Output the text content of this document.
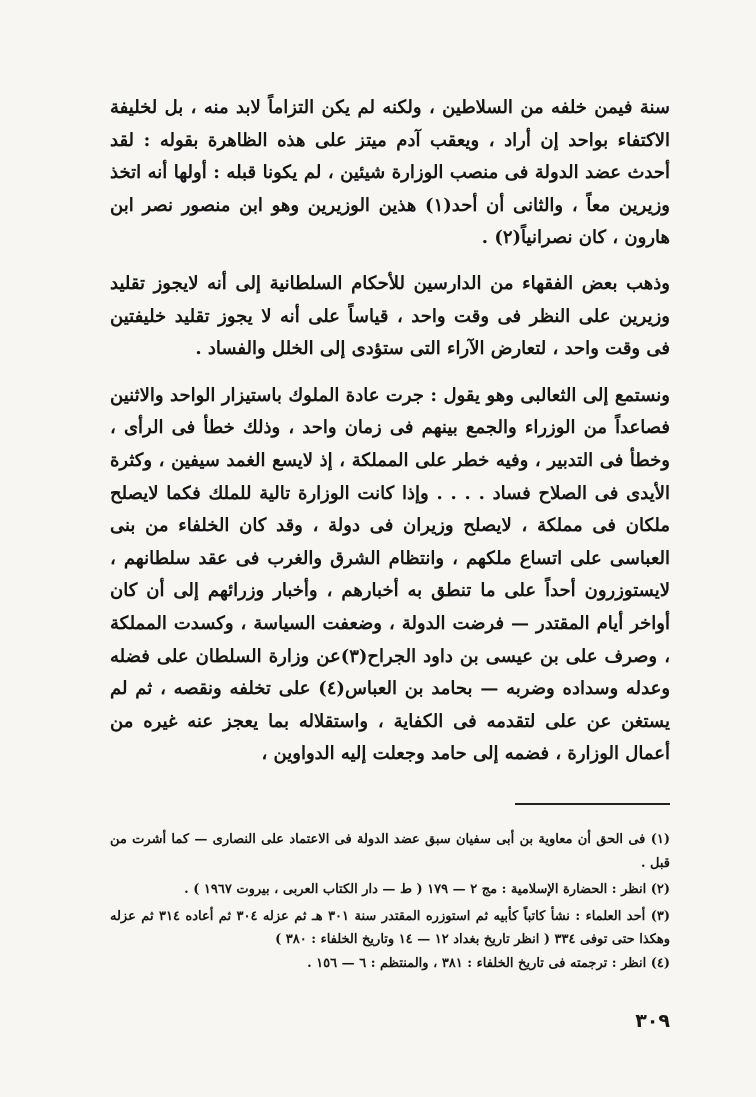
سنة فيمن خلفه من السلاطين ، ولكنه لم يكن التزاماً لابد منه ، بل لخليفة الاكتفاء بواحد إن أراد ، ويعقب آدم ميتز على هذه الظاهرة بقوله : لقد أحدث عضد الدولة فى منصب الوزارة شيئين ، لم يكونا قبله : أولها أنه اتخذ وزيرين معاً ، والثانى أن أحد(١) هذين الوزيرين وهو ابن منصور نصر ابن هارون ، كان نصرانياً(٢) .

وذهب بعض الفقهاء من الدارسين للأحكام السلطانية إلى أنه لايجوز تقليد وزيرين على النظر فى وقت واحد ، قياساً على أنه لا يجوز تقليد خليفتين فى وقت واحد ، لتعارض الآراء التى ستؤدى إلى الخلل والفساد .

ونستمع إلى الثعالبى وهو يقول : جرت عادة الملوك باستيزار الواحد والاثنين فصاعداً من الوزراء والجمع بينهم فى زمان واحد ، وذلك خطأ فى الرأى ، وخطأ فى التدبير ، وفيه خطر على المملكة ، إذ لايسع الغمد سيفين ، وكثرة الأيدى فى الصلاح فساد . . . . وإذا كانت الوزارة تالية للملك فكما لايصلح ملكان فى مملكة ، لايصلح وزيران فى دولة ، وقد كان الخلفاء من بنى العباسى على اتساع ملكهم ، وانتظام الشرق والغرب فى عقد سلطانهم ، لايستوزرون أحداً على ما تنطق به أخبارهم ، وأخبار وزرائهم إلى أن كان أواخر أيام المقتدر — فرضت الدولة ، وضعفت السياسة ، وكسدت المملكة ، وصرف على بن عيسى بن داود الجراح(٣)عن وزارة السلطان على فضله وعدله وسداده وضربه — بحامد بن العباس(٤) على تخلفه ونقصه ، ثم لم يستغن عن على لتقدمه فى الكفاية ، واستقلاله بما يعجز عنه غيره من أعمال الوزارة ، فضمه إلى حامد وجعلت إليه الدواوين ،

(١) فى الحق أن معاوية بن أبى سفيان سبق عضد الدولة فى الاعتماد على النصارى — كما أشرت من قبل .

(٢) انظر : الحضارة الإسلامية : مج ٢ — ١٧٩ ( ط — دار الكتاب العربى ، بيروت ١٩٦٧ ) .

(٣) أحد العلماء : نشأ كاتباً كأبيه ثم استوزره المقتدر سنة ٣٠١ هـ ثم عزله ٣٠٤ ثم أعاده ٣١٤ ثم عزله وهكذا حتى توفى ٣٣٤ ( انظر تاريخ بغداد ١٢ — ١٤ وتاريخ الخلفاء : ٣٨٠ )

(٤) انظر : ترجمته فى تاريخ الخلفاء : ٣٨١ ، والمنتظم : ٦ — ١٥٦ .

٣٠٩
